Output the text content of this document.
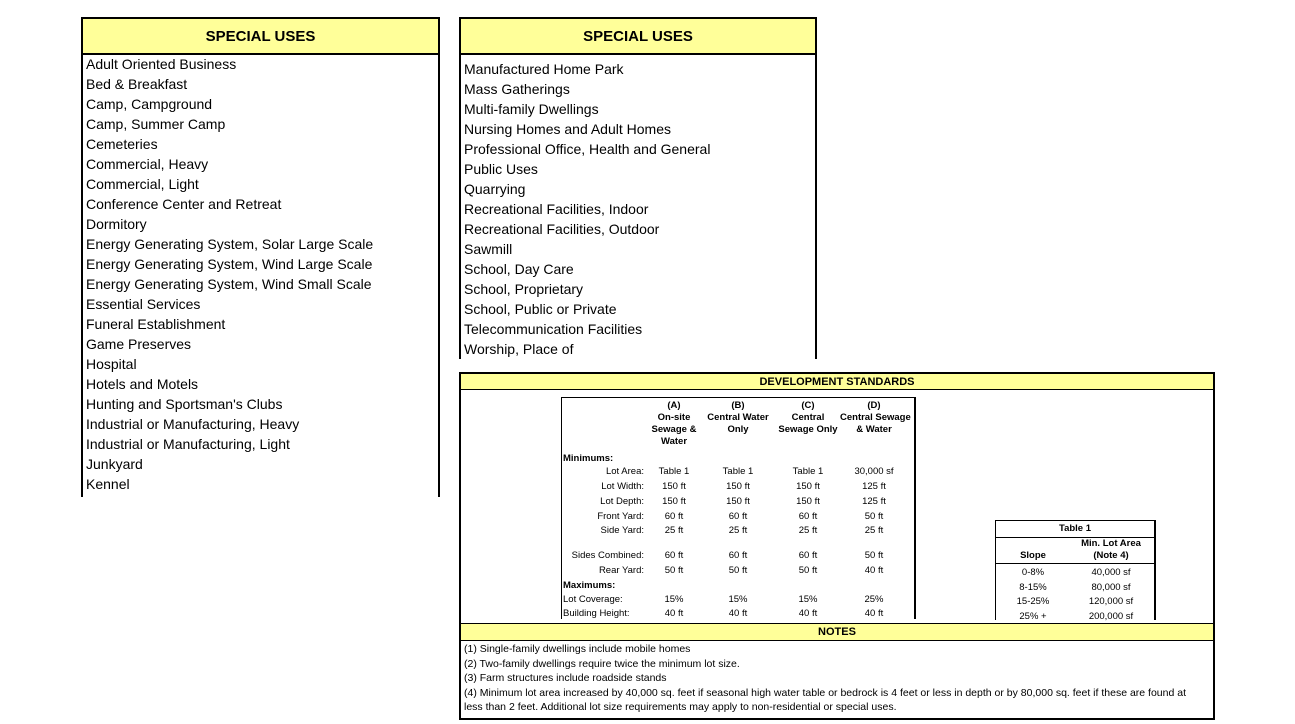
SPECIAL USES
Adult Oriented Business
Bed & Breakfast
Camp, Campground
Camp, Summer Camp
Cemeteries
Commercial, Heavy
Commercial, Light
Conference Center and Retreat
Dormitory
Energy Generating System, Solar Large Scale
Energy Generating System, Wind Large Scale
Energy Generating System, Wind Small Scale
Essential Services
Funeral Establishment
Game Preserves
Hospital
Hotels and Motels
Hunting and Sportsman's Clubs
Industrial or Manufacturing, Heavy
Industrial or Manufacturing, Light
Junkyard
Kennel
SPECIAL USES
Manufactured Home Park
Mass Gatherings
Multi-family Dwellings
Nursing Homes and Adult Homes
Professional Office, Health and General
Public Uses
Quarrying
Recreational Facilities, Indoor
Recreational Facilities, Outdoor
Sawmill
School, Day Care
School, Proprietary
School, Public or Private
Telecommunication Facilities
Worship, Place of
DEVELOPMENT STANDARDS
(A)
On-site
Sewage &
Water
(B)
Central Water
Only
(C)
Central
Sewage Only
(D)
Central Sewage
& Water
Minimums:
Lot Area:	Table 1	Table 1	Table 1	30,000 sf
Lot Width:	150 ft	150 ft	150 ft	125 ft
Lot Depth:	150 ft	150 ft	150 ft	125 ft
Front Yard:	60 ft	60 ft	60 ft	50 ft
Side Yard:	25 ft	25 ft	25 ft	25 ft
Sides Combined:	60 ft	60 ft	60 ft	50 ft
Rear Yard:	50 ft	50 ft	50 ft	40 ft
Maximums:
Lot Coverage:	15%	15%	15%	25%
Building Height:	40 ft	40 ft	40 ft	40 ft
Table 1
Slope
Min. Lot Area
(Note 4)
0-8%	40,000 sf
8-15%	80,000 sf
15-25%	120,000 sf
25% +	200,000 sf
NOTES
(1) Single-family dwellings include mobile homes
(2) Two-family dwellings require twice the minimum lot size.
(3) Farm structures include roadside stands
(4) Minimum lot area increased by 40,000 sq. feet if seasonal high water table or bedrock is 4 feet or less in depth or by 80,000 sq. feet if these are found at less than 2 feet. Additional lot size requirements may apply to non-residential or special uses.
